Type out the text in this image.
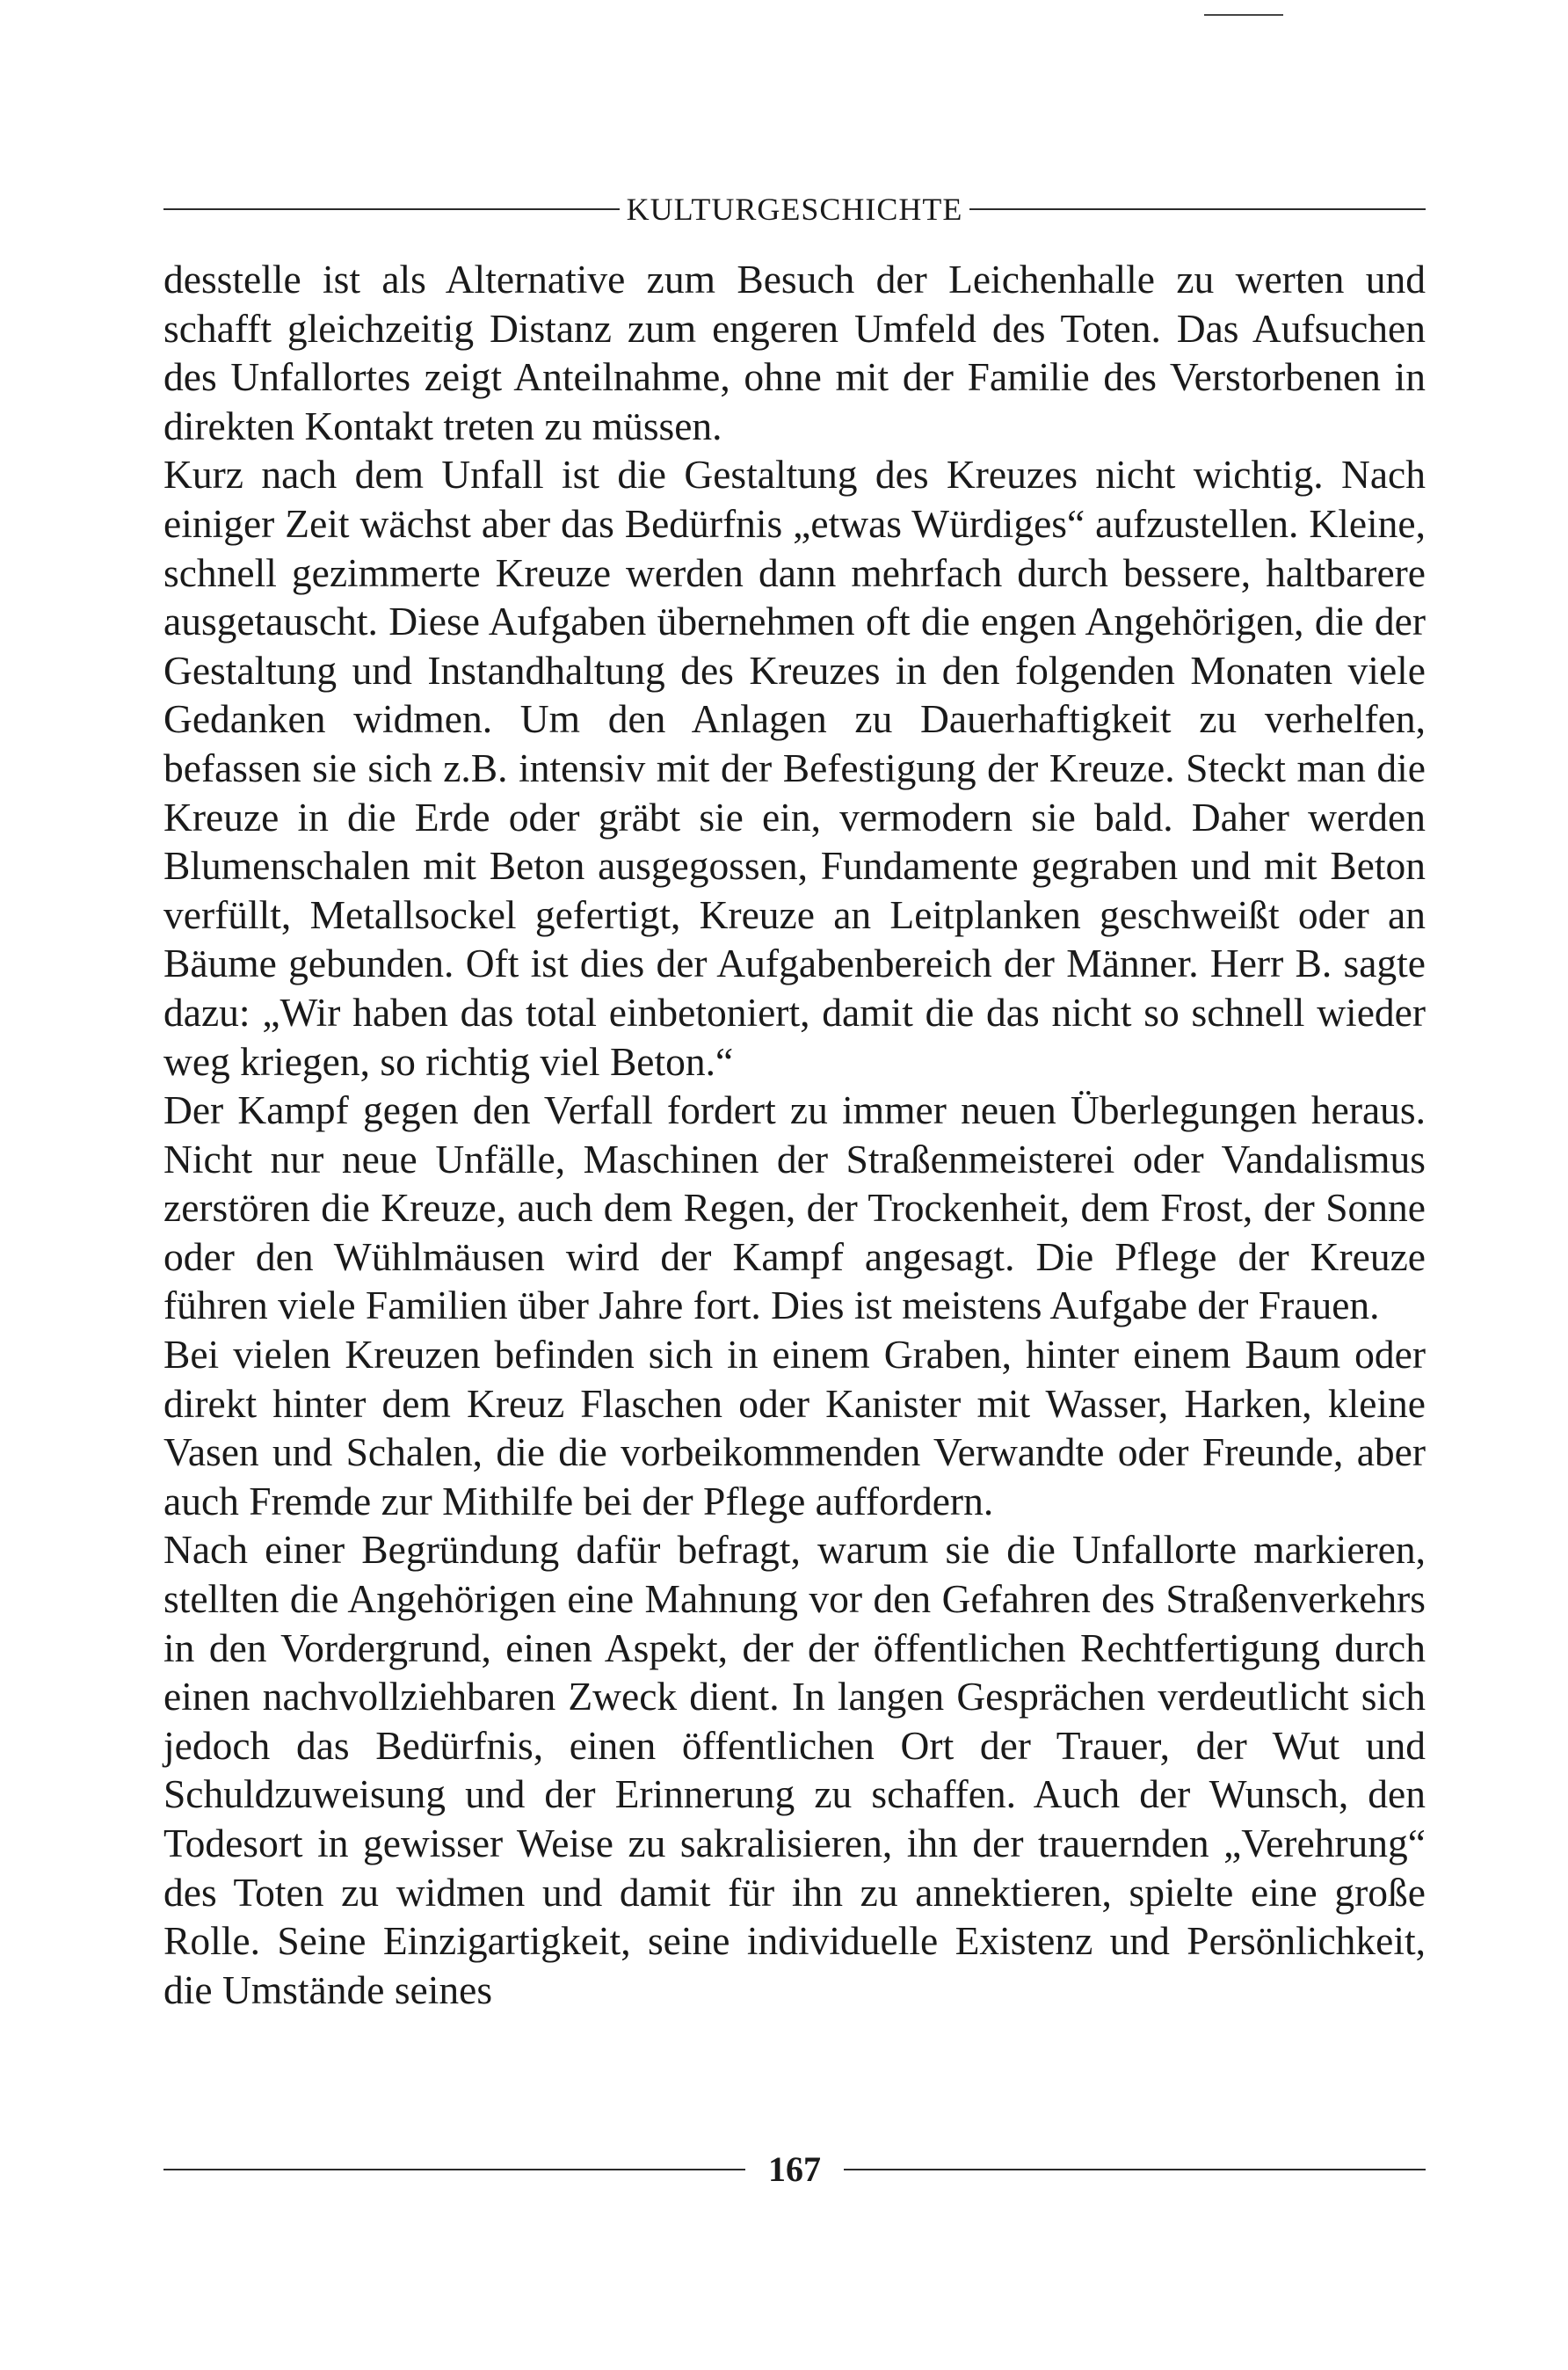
KULTURGESCHICHTE

desstelle ist als Alternative zum Besuch der Leichenhalle zu werten und schafft gleichzeitig Distanz zum engeren Umfeld des Toten. Das Aufsuchen des Unfallortes zeigt Anteilnahme, ohne mit der Familie des Verstorbenen in direkten Kontakt treten zu müssen.

Kurz nach dem Unfall ist die Gestaltung des Kreuzes nicht wichtig. Nach einiger Zeit wächst aber das Bedürfnis „etwas Würdiges“ aufzustellen. Kleine, schnell gezimmerte Kreuze werden dann mehrfach durch bessere, haltbarere ausgetauscht. Diese Aufgaben übernehmen oft die engen Angehörigen, die der Gestaltung und Instandhaltung des Kreuzes in den folgenden Monaten viele Gedanken widmen. Um den Anlagen zu Dauerhaftigkeit zu verhelfen, befassen sie sich z.B. intensiv mit der Befestigung der Kreuze. Steckt man die Kreuze in die Erde oder gräbt sie ein, vermodern sie bald. Daher werden Blumenschalen mit Beton ausgegossen, Fundamente gegraben und mit Beton verfüllt, Metallsockel gefertigt, Kreuze an Leitplanken geschweißt oder an Bäume gebunden. Oft ist dies der Aufgabenbereich der Männer. Herr B. sagte dazu: „Wir haben das total einbetoniert, damit die das nicht so schnell wieder weg kriegen, so richtig viel Beton.“

Der Kampf gegen den Verfall fordert zu immer neuen Überlegungen heraus. Nicht nur neue Unfälle, Maschinen der Straßenmeisterei oder Vandalismus zerstören die Kreuze, auch dem Regen, der Trockenheit, dem Frost, der Sonne oder den Wühlmäusen wird der Kampf angesagt. Die Pflege der Kreuze führen viele Familien über Jahre fort. Dies ist meistens Aufgabe der Frauen.

Bei vielen Kreuzen befinden sich in einem Graben, hinter einem Baum oder direkt hinter dem Kreuz Flaschen oder Kanister mit Wasser, Harken, kleine Vasen und Schalen, die die vorbeikommenden Verwandte oder Freunde, aber auch Fremde zur Mithilfe bei der Pflege auffordern.

Nach einer Begründung dafür befragt, warum sie die Unfallorte markieren, stellten die Angehörigen eine Mahnung vor den Gefahren des Straßenverkehrs in den Vordergrund, einen Aspekt, der der öffentlichen Rechtfertigung durch einen nachvollziehbaren Zweck dient. In langen Gesprächen verdeutlicht sich jedoch das Bedürfnis, einen öffentlichen Ort der Trauer, der Wut und Schuldzuweisung und der Erinnerung zu schaffen. Auch der Wunsch, den Todesort in gewisser Weise zu sakralisieren, ihn der trauernden „Verehrung“ des Toten zu widmen und damit für ihn zu annektieren, spielte eine große Rolle. Seine Einzigartigkeit, seine individuelle Existenz und Persönlichkeit, die Umstände seines

167
